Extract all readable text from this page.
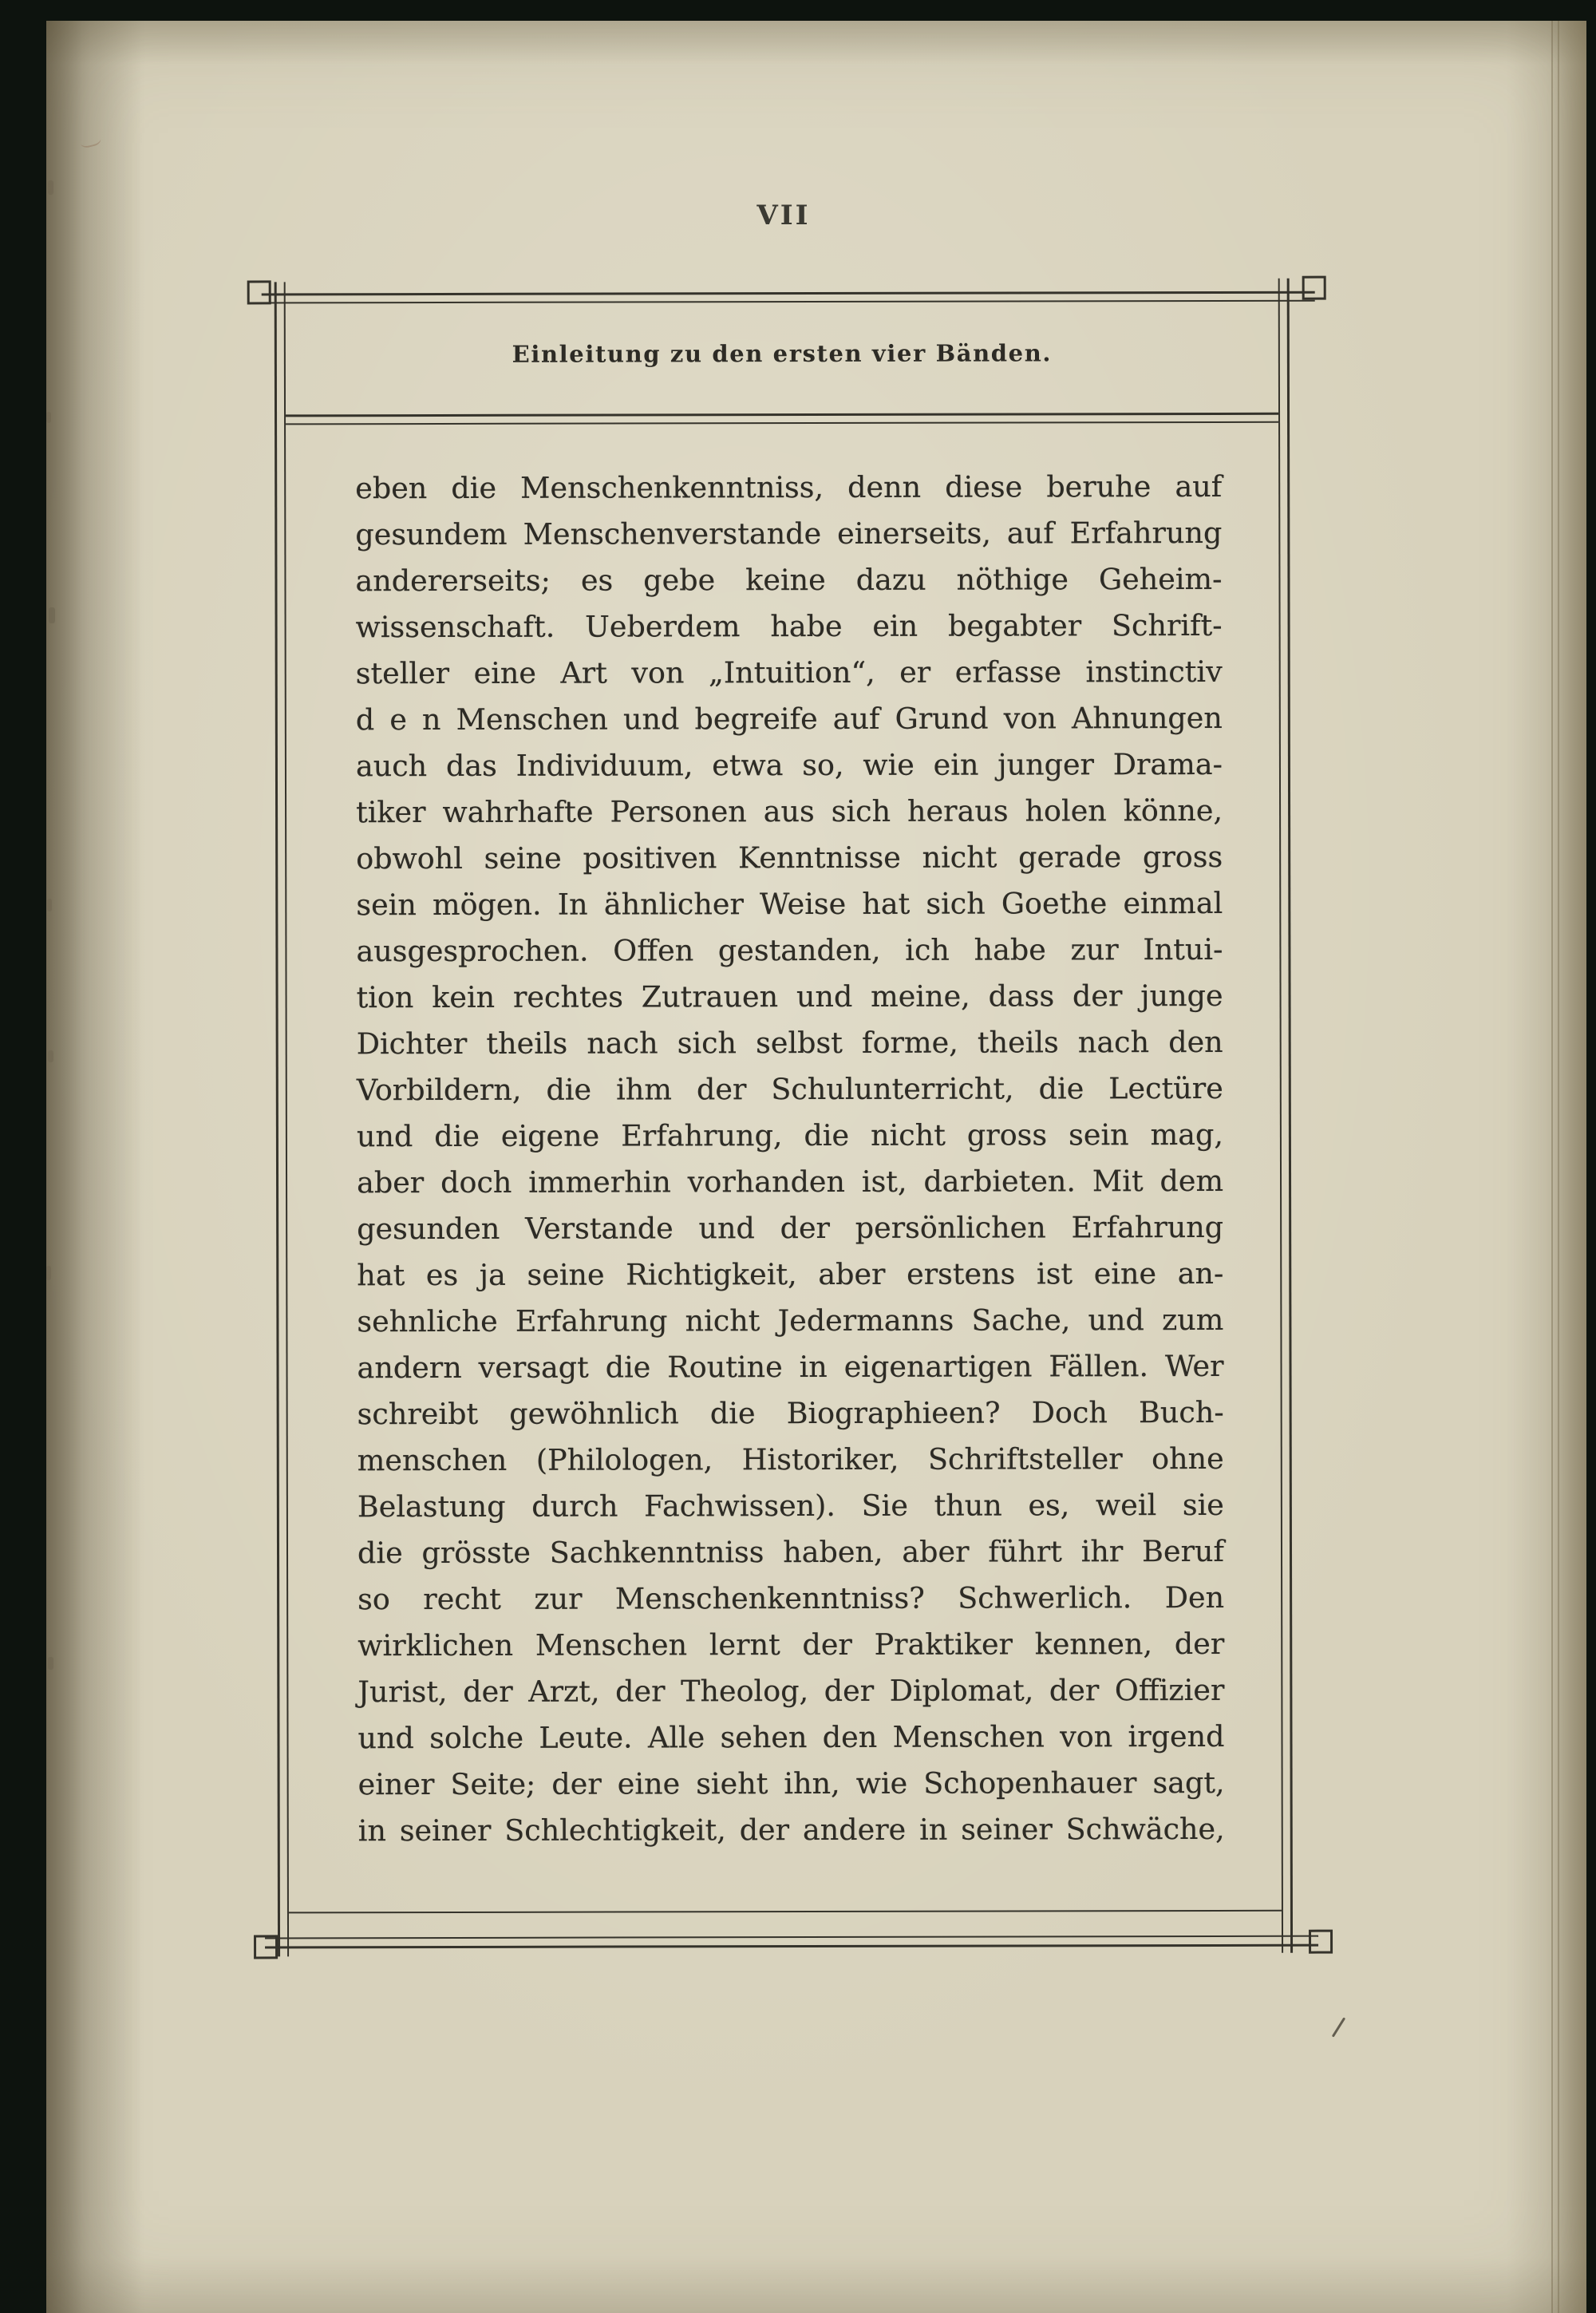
VII
Einleitung zu den ersten vier Bänden.
eben die Menschenkenntniss, denn diese beruhe auf
gesundem Menschenverstande einerseits, auf Erfahrung
andererseits; es gebe keine dazu nöthige Geheim-
wissenschaft. Ueberdem habe ein begabter Schrift-
steller eine Art von „Intuition“, er erfasse instinctiv
d e n Menschen und begreife auf Grund von Ahnungen
auch das Individuum, etwa so, wie ein junger Drama-
tiker wahrhafte Personen aus sich heraus holen könne,
obwohl seine positiven Kenntnisse nicht gerade gross
sein mögen. In ähnlicher Weise hat sich Goethe einmal
ausgesprochen. Offen gestanden, ich habe zur Intui-
tion kein rechtes Zutrauen und meine, dass der junge
Dichter theils nach sich selbst forme, theils nach den
Vorbildern, die ihm der Schulunterricht, die Lectüre
und die eigene Erfahrung, die nicht gross sein mag,
aber doch immerhin vorhanden ist, darbieten. Mit dem
gesunden Verstande und der persönlichen Erfahrung
hat es ja seine Richtigkeit, aber erstens ist eine an-
sehnliche Erfahrung nicht Jedermanns Sache, und zum
andern versagt die Routine in eigenartigen Fällen. Wer
schreibt gewöhnlich die Biographieen? Doch Buch-
menschen (Philologen, Historiker, Schriftsteller ohne
Belastung durch Fachwissen). Sie thun es, weil sie
die grösste Sachkenntniss haben, aber führt ihr Beruf
so recht zur Menschenkenntniss? Schwerlich. Den
wirklichen Menschen lernt der Praktiker kennen, der
Jurist, der Arzt, der Theolog, der Diplomat, der Offizier
und solche Leute. Alle sehen den Menschen von irgend
einer Seite; der eine sieht ihn, wie Schopenhauer sagt,
in seiner Schlechtigkeit, der andere in seiner Schwäche,
